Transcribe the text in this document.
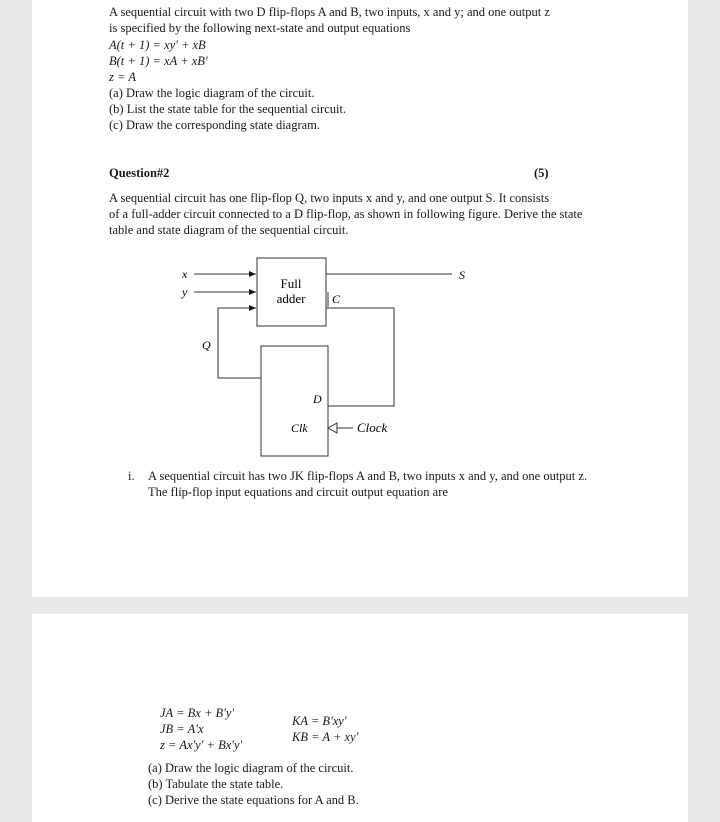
A sequential circuit with two D flip-flops A and B, two inputs, x and y; and one output z
is specified by the following next-state and output equations
A(t + 1) = xy' + xB
B(t + 1) = xA + xB'
z = A
(a) Draw the logic diagram of the circuit.
(b) List the state table for the sequential circuit.
(c) Draw the corresponding state diagram.
Question#2	(5)
A sequential circuit has one flip-flop Q, two inputs x and y, and one output S. It consists
of a full-adder circuit connected to a D flip-flop, as shown in following figure. Derive the state
table and state diagram of the sequential circuit.
x
y
Full
adder C
S
Q
D
Clk	Clock
i. A sequential circuit has two JK flip-flops A and B, two inputs x and y, and one output z.
The flip-flop input equations and circuit output equation are
JA = Bx + B'y'
JB = A'x
z = Ax'y' + Bx'y'
KA = B'xy'
KB = A + xy'
(a) Draw the logic diagram of the circuit.
(b) Tabulate the state table.
(c) Derive the state equations for A and B.
